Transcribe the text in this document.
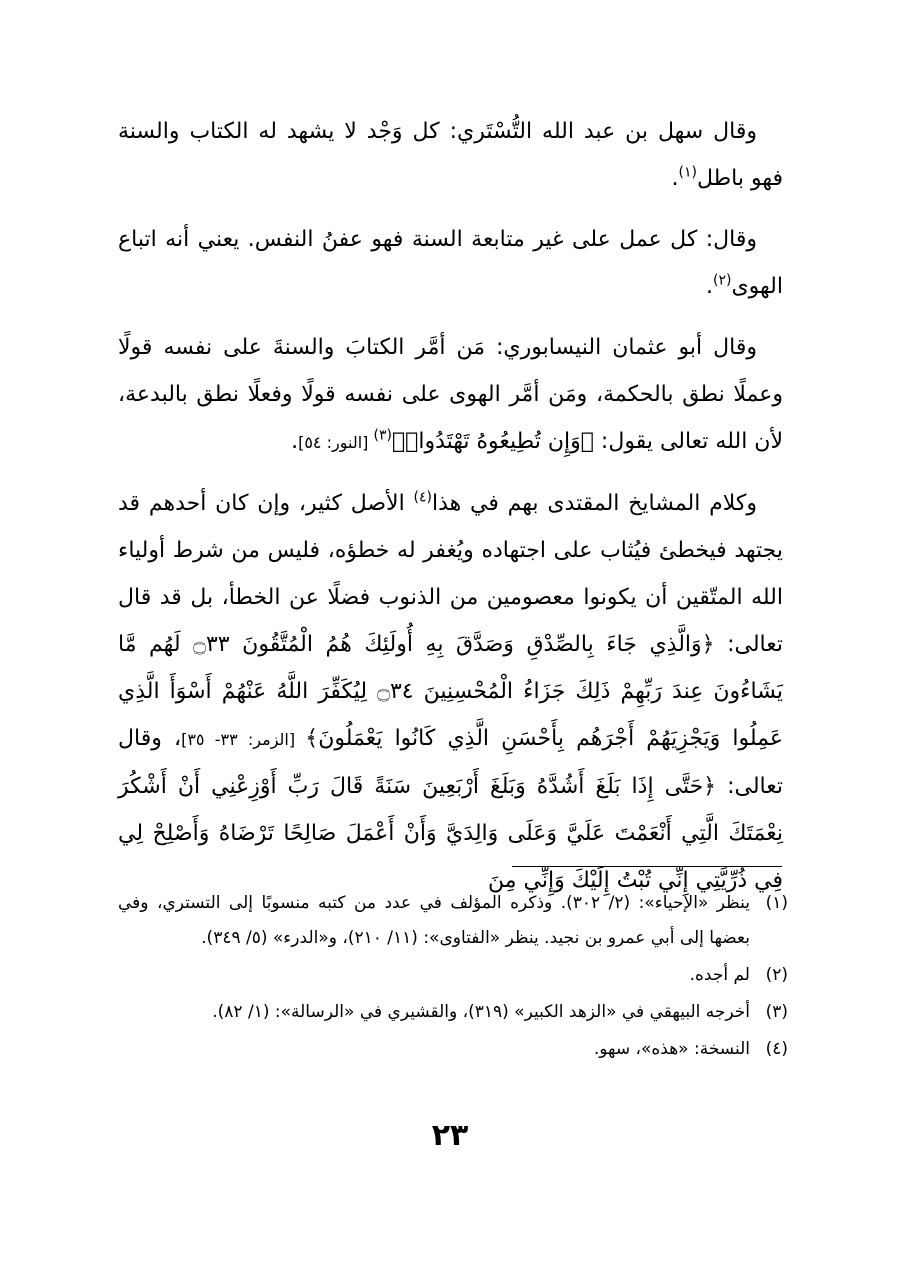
وقال سهل بن عبد الله التُّسْتَري: كل وَجْد لا يشهد له الكتاب والسنة فهو باطل$^{(١)}$.

وقال: كل عمل على غير متابعة السنة فهو عفنُ النفس. يعني أنه اتباع الهوى$^{(٢)}$.

وقال أبو عثمان النيسابوري: مَن أمَّر الكتابَ والسنةَ على نفسه قولًا وعملًا نطق بالحكمة، ومَن أمَّر الهوى على نفسه قولًا وفعلًا نطق بالبدعة، لأن الله تعالى يقول: ﴿وَإِن تُطِيعُوهُ تَهْتَدُوا۟﴾$^{(٣)}$ [النور: ٥٤].

وكلام المشايخ المقتدى بهم في هذا$^{(٤)}$ الأصل كثير، وإن كان أحدهم قد يجتهد فيخطئ فيُثاب على اجتهاده ويُغفر له خطؤه، فليس من شرط أولياء الله المتّقين أن يكونوا معصومين من الذنوب فضلًا عن الخطأ، بل قد قال تعالى: ﴿وَالَّذِي جَاءَ بِالصِّدْقِ وَصَدَّقَ بِهِ أُولَئِكَ هُمُ الْمُتَّقُونَ ۝٣٣ لَهُم مَّا يَشَاءُونَ عِندَ رَبِّهِمْ ذَلِكَ جَزَاءُ الْمُحْسِنِينَ ۝٣٤ لِيُكَفِّرَ اللَّهُ عَنْهُمْ أَسْوَأَ الَّذِي عَمِلُوا وَيَجْزِيَهُمْ أَجْرَهُم بِأَحْسَنِ الَّذِي كَانُوا يَعْمَلُونَ﴾ [الزمر: ٣٣- ٣٥]، وقال تعالى: ﴿حَتَّى إِذَا بَلَغَ أَشُدَّهُ وَبَلَغَ أَرْبَعِينَ سَنَةً قَالَ رَبِّ أَوْزِعْنِي أَنْ أَشْكُرَ نِعْمَتَكَ الَّتِي أَنْعَمْتَ عَلَيَّ وَعَلَى وَالِدَيَّ وَأَنْ أَعْمَلَ صَالِحًا تَرْضَاهُ وَأَصْلِحْ لِي فِي ذُرِّيَّتِي إِنِّي تُبْتُ إِلَيْكَ وَإِنِّي مِنَ

(١)
ينظر «الإحياء»: (٢/ ٣٠٢). وذكره المؤلف في عدد من كتبه منسوبًا إلى التستري، وفي بعضها إلى أبي عمرو بن نجيد. ينظر «الفتاوى»: (١١/ ٢١٠)، و«الدرء» (٥/ ٣٤٩).
(٢)
لم أجده.
(٣)
أخرجه البيهقي في «الزهد الكبير» (٣١٩)، والقشيري في «الرسالة»: (١/ ٨٢).
(٤)
النسخة: «هذه»، سهو.
٢٣
